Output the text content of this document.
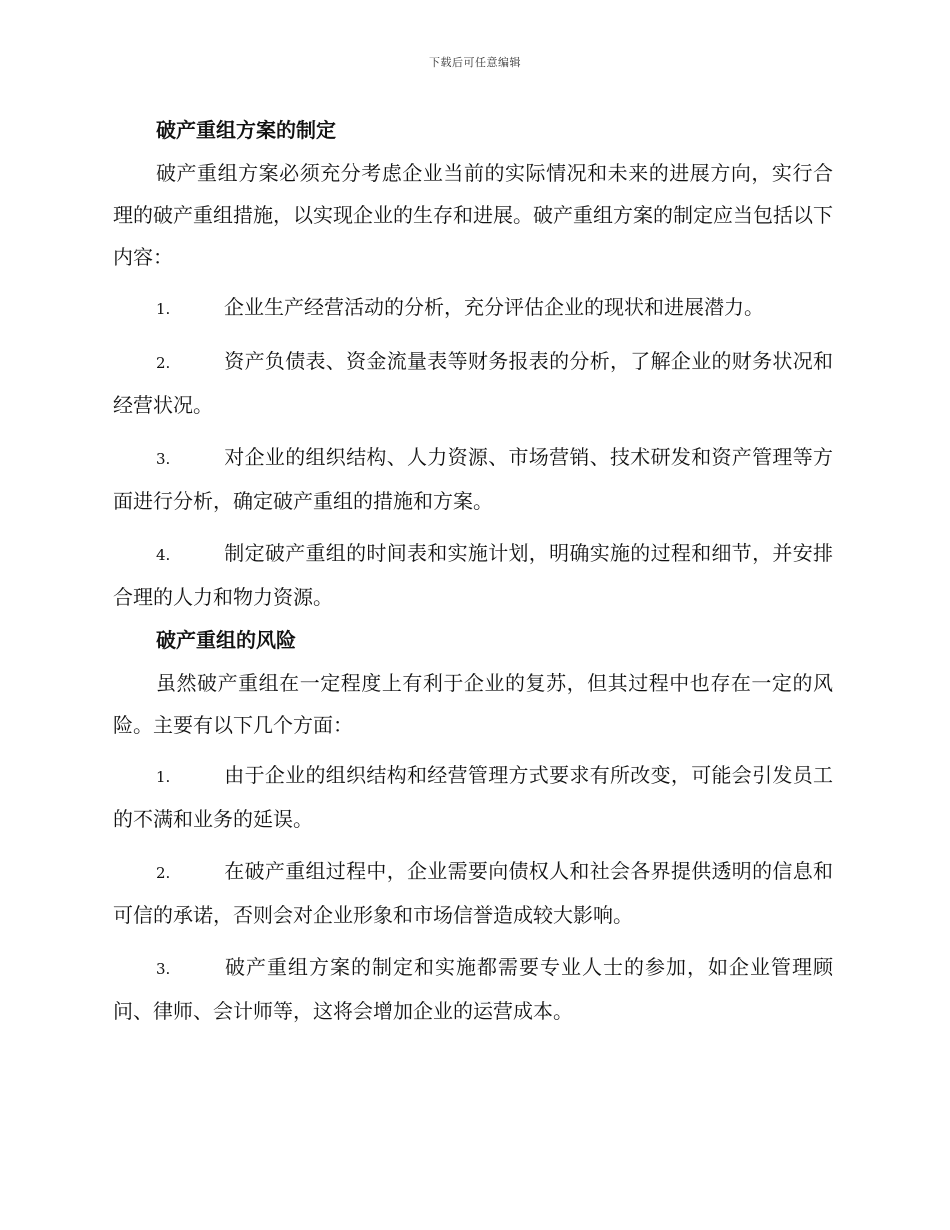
下载后可任意编辑
破产重组方案的制定

破产重组方案必须充分考虑企业当前的实际情况和未来的进展方向，实行合理的破产重组措施，以实现企业的生存和进展。破产重组方案的制定应当包括以下内容：

1.	企业生产经营活动的分析，充分评估企业的现状和进展潜力。

2.	资产负债表、资金流量表等财务报表的分析，了解企业的财务状况和经营状况。

3.	对企业的组织结构、人力资源、市场营销、技术研发和资产管理等方面进行分析，确定破产重组的措施和方案。

4.	制定破产重组的时间表和实施计划，明确实施的过程和细节，并安排合理的人力和物力资源。

破产重组的风险

虽然破产重组在一定程度上有利于企业的复苏，但其过程中也存在一定的风险。主要有以下几个方面：

1.	由于企业的组织结构和经营管理方式要求有所改变，可能会引发员工的不满和业务的延误。

2.	在破产重组过程中，企业需要向债权人和社会各界提供透明的信息和可信的承诺，否则会对企业形象和市场信誉造成较大影响。

3.	破产重组方案的制定和实施都需要专业人士的参加，如企业管理顾问、律师、会计师等，这将会增加企业的运营成本。
